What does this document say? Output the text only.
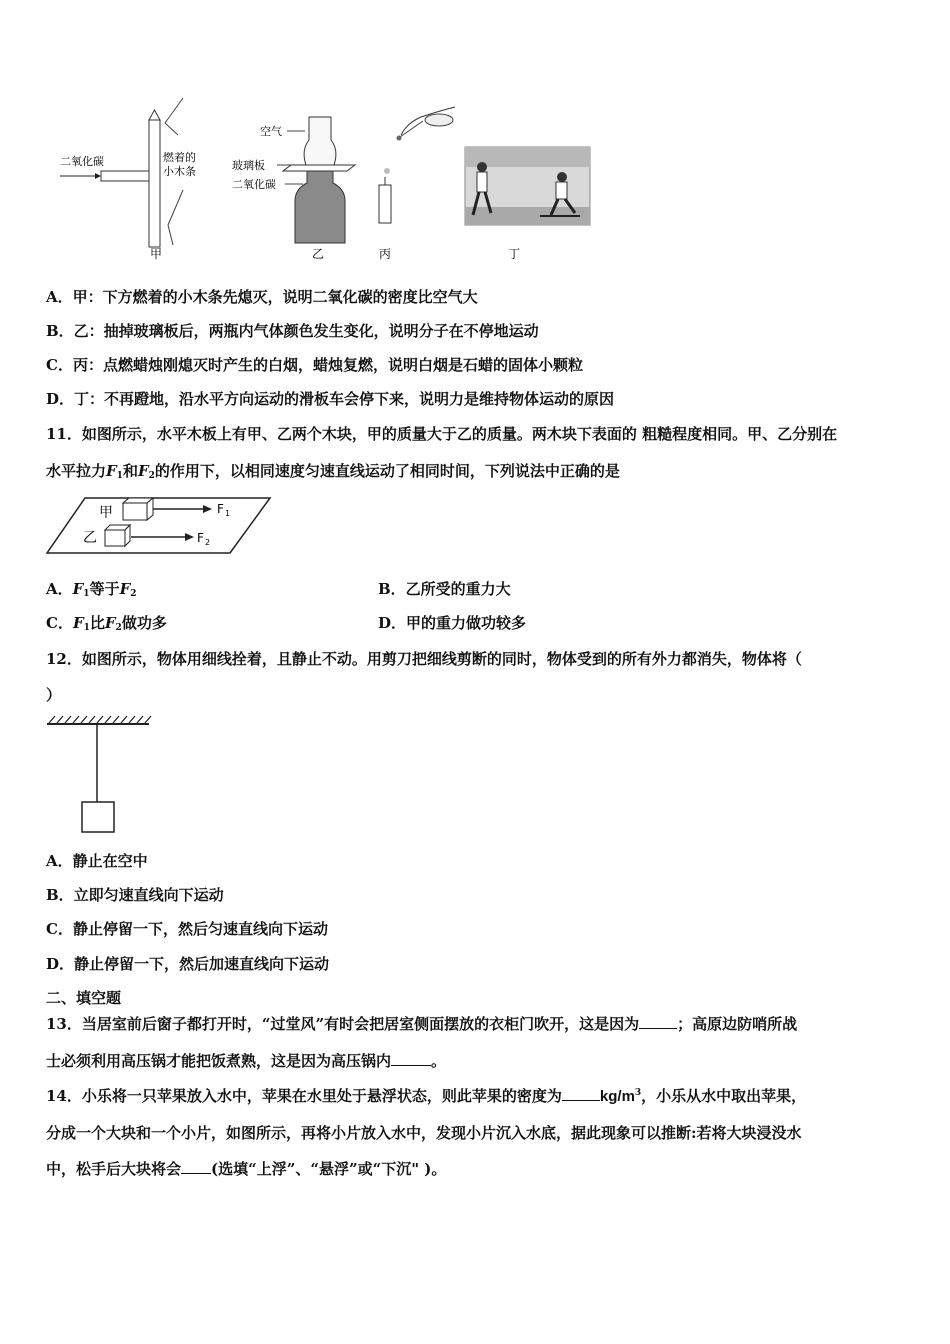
二氧化碳	燃着的
小木条
甲
空气
玻璃板
二氧化碳
乙	丙	丁
A．甲：下方燃着的小木条先熄灭，说明二氧化碳的密度比空气大
B．乙：抽掉玻璃板后，两瓶内气体颜色发生变化，说明分子在不停地运动
C．丙：点燃蜡烛刚熄灭时产生的白烟，蜡烛复燃，说明白烟是石蜡的固体小颗粒
D．丁：不再蹬地，沿水平方向运动的滑板车会停下来，说明力是维持物体运动的原因
11．如图所示，水平木板上有甲、乙两个木块，甲的质量大于乙的质量。两木块下表面的 粗糙程度相同。甲、乙分别在
水平拉力$F_1$和$F_2$的作用下，以相同速度匀速直线运动了相同时间，下列说法中正确的是
甲	F 1
乙	F 2
A．$F_1$等于$F_2$	B．乙所受的重力大
C．$F_1$比$F_2$做功多	D．甲的重力做功较多
12．如图所示，物体用细线拴着，且静止不动。用剪刀把细线剪断的同时，物体受到的所有外力都消失，物体将（
）
A．静止在空中
B．立即匀速直线向下运动
C．静止停留一下，然后匀速直线向下运动
D．静止停留一下，然后加速直线向下运动
二、填空题
13．当居室前后窗子都打开时，“过堂风”有时会把居室侧面摆放的衣柜门吹开，这是因为	；高原边防哨所战
士必须利用高压锅才能把饭煮熟，这是因为高压锅内	。
14．小乐将一只苹果放入水中，苹果在水里处于悬浮状态，则此苹果的密度为	$kg/m^3$，小乐从水中取出苹果，
分成一个大块和一个小片，如图所示，再将小片放入水中，发现小片沉入水底，据此现象可以推断:若将大块浸没水
中，松手后大块将会 (选填“上浮”、“悬浮”或“下沉" )。
